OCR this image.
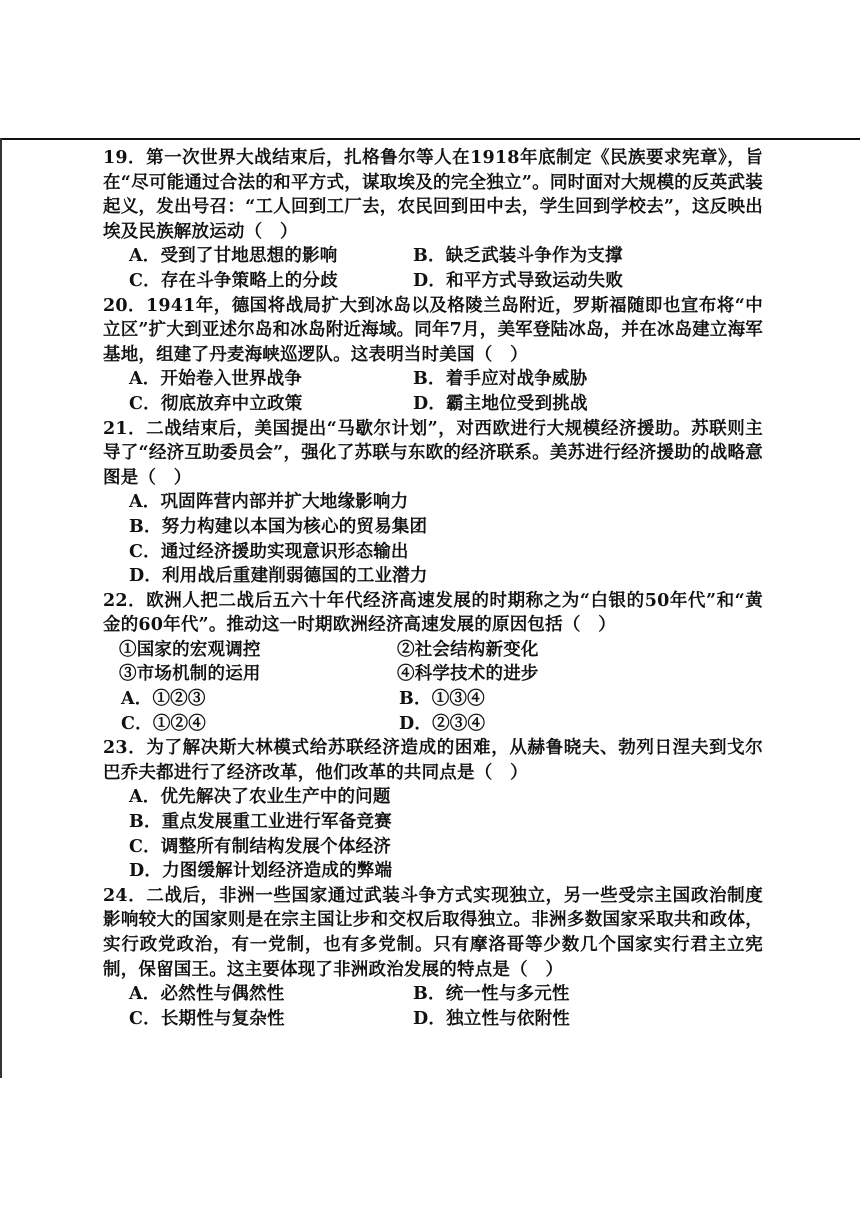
19．第一次世界大战结束后，扎格鲁尔等人在1918年底制定《民族要求宪章》，旨在“尽可能通过合法的和平方式，谋取埃及的完全独立”。同时面对大规模的反英武装起义，发出号召：“工人回到工厂去，农民回到田中去，学生回到学校去”，这反映出埃及民族解放运动（　）

A．受到了甘地思想的影响	B．缺乏武装斗争作为支撑
C．存在斗争策略上的分歧	D．和平方式导致运动失败

20．1941年，德国将战局扩大到冰岛以及格陵兰岛附近，罗斯福随即也宣布将“中立区”扩大到亚述尔岛和冰岛附近海域。同年7月，美军登陆冰岛，并在冰岛建立海军基地，组建了丹麦海峡巡逻队。这表明当时美国（　）

A．开始卷入世界战争	B．着手应对战争威胁
C．彻底放弃中立政策	D．霸主地位受到挑战

21．二战结束后，美国提出“马歇尔计划”，对西欧进行大规模经济援助。苏联则主导了“经济互助委员会”，强化了苏联与东欧的经济联系。美苏进行经济援助的战略意图是（　）

A．巩固阵营内部并扩大地缘影响力

B．努力构建以本国为核心的贸易集团

C．通过经济援助实现意识形态输出

D．利用战后重建削弱德国的工业潜力

22．欧洲人把二战后五六十年代经济高速发展的时期称之为“白银的50年代”和“黄金的60年代”。推动这一时期欧洲经济高速发展的原因包括（　）

①国家的宏观调控	②社会结构新变化
③市场机制的运用	④科学技术的进步
A．①②③	B．①③④
C．①②④	D．②③④

23．为了解决斯大林模式给苏联经济造成的困难，从赫鲁晓夫、勃列日涅夫到戈尔巴乔夫都进行了经济改革，他们改革的共同点是（　）

A．优先解决了农业生产中的问题

B．重点发展重工业进行军备竞赛

C．调整所有制结构发展个体经济

D．力图缓解计划经济造成的弊端

24．二战后，非洲一些国家通过武装斗争方式实现独立，另一些受宗主国政治制度影响较大的国家则是在宗主国让步和交权后取得独立。非洲多数国家采取共和政体，实行政党政治，有一党制，也有多党制。只有摩洛哥等少数几个国家实行君主立宪制，保留国王。这主要体现了非洲政治发展的特点是（　）

A．必然性与偶然性	B．统一性与多元性
C．长期性与复杂性	D．独立性与依附性
